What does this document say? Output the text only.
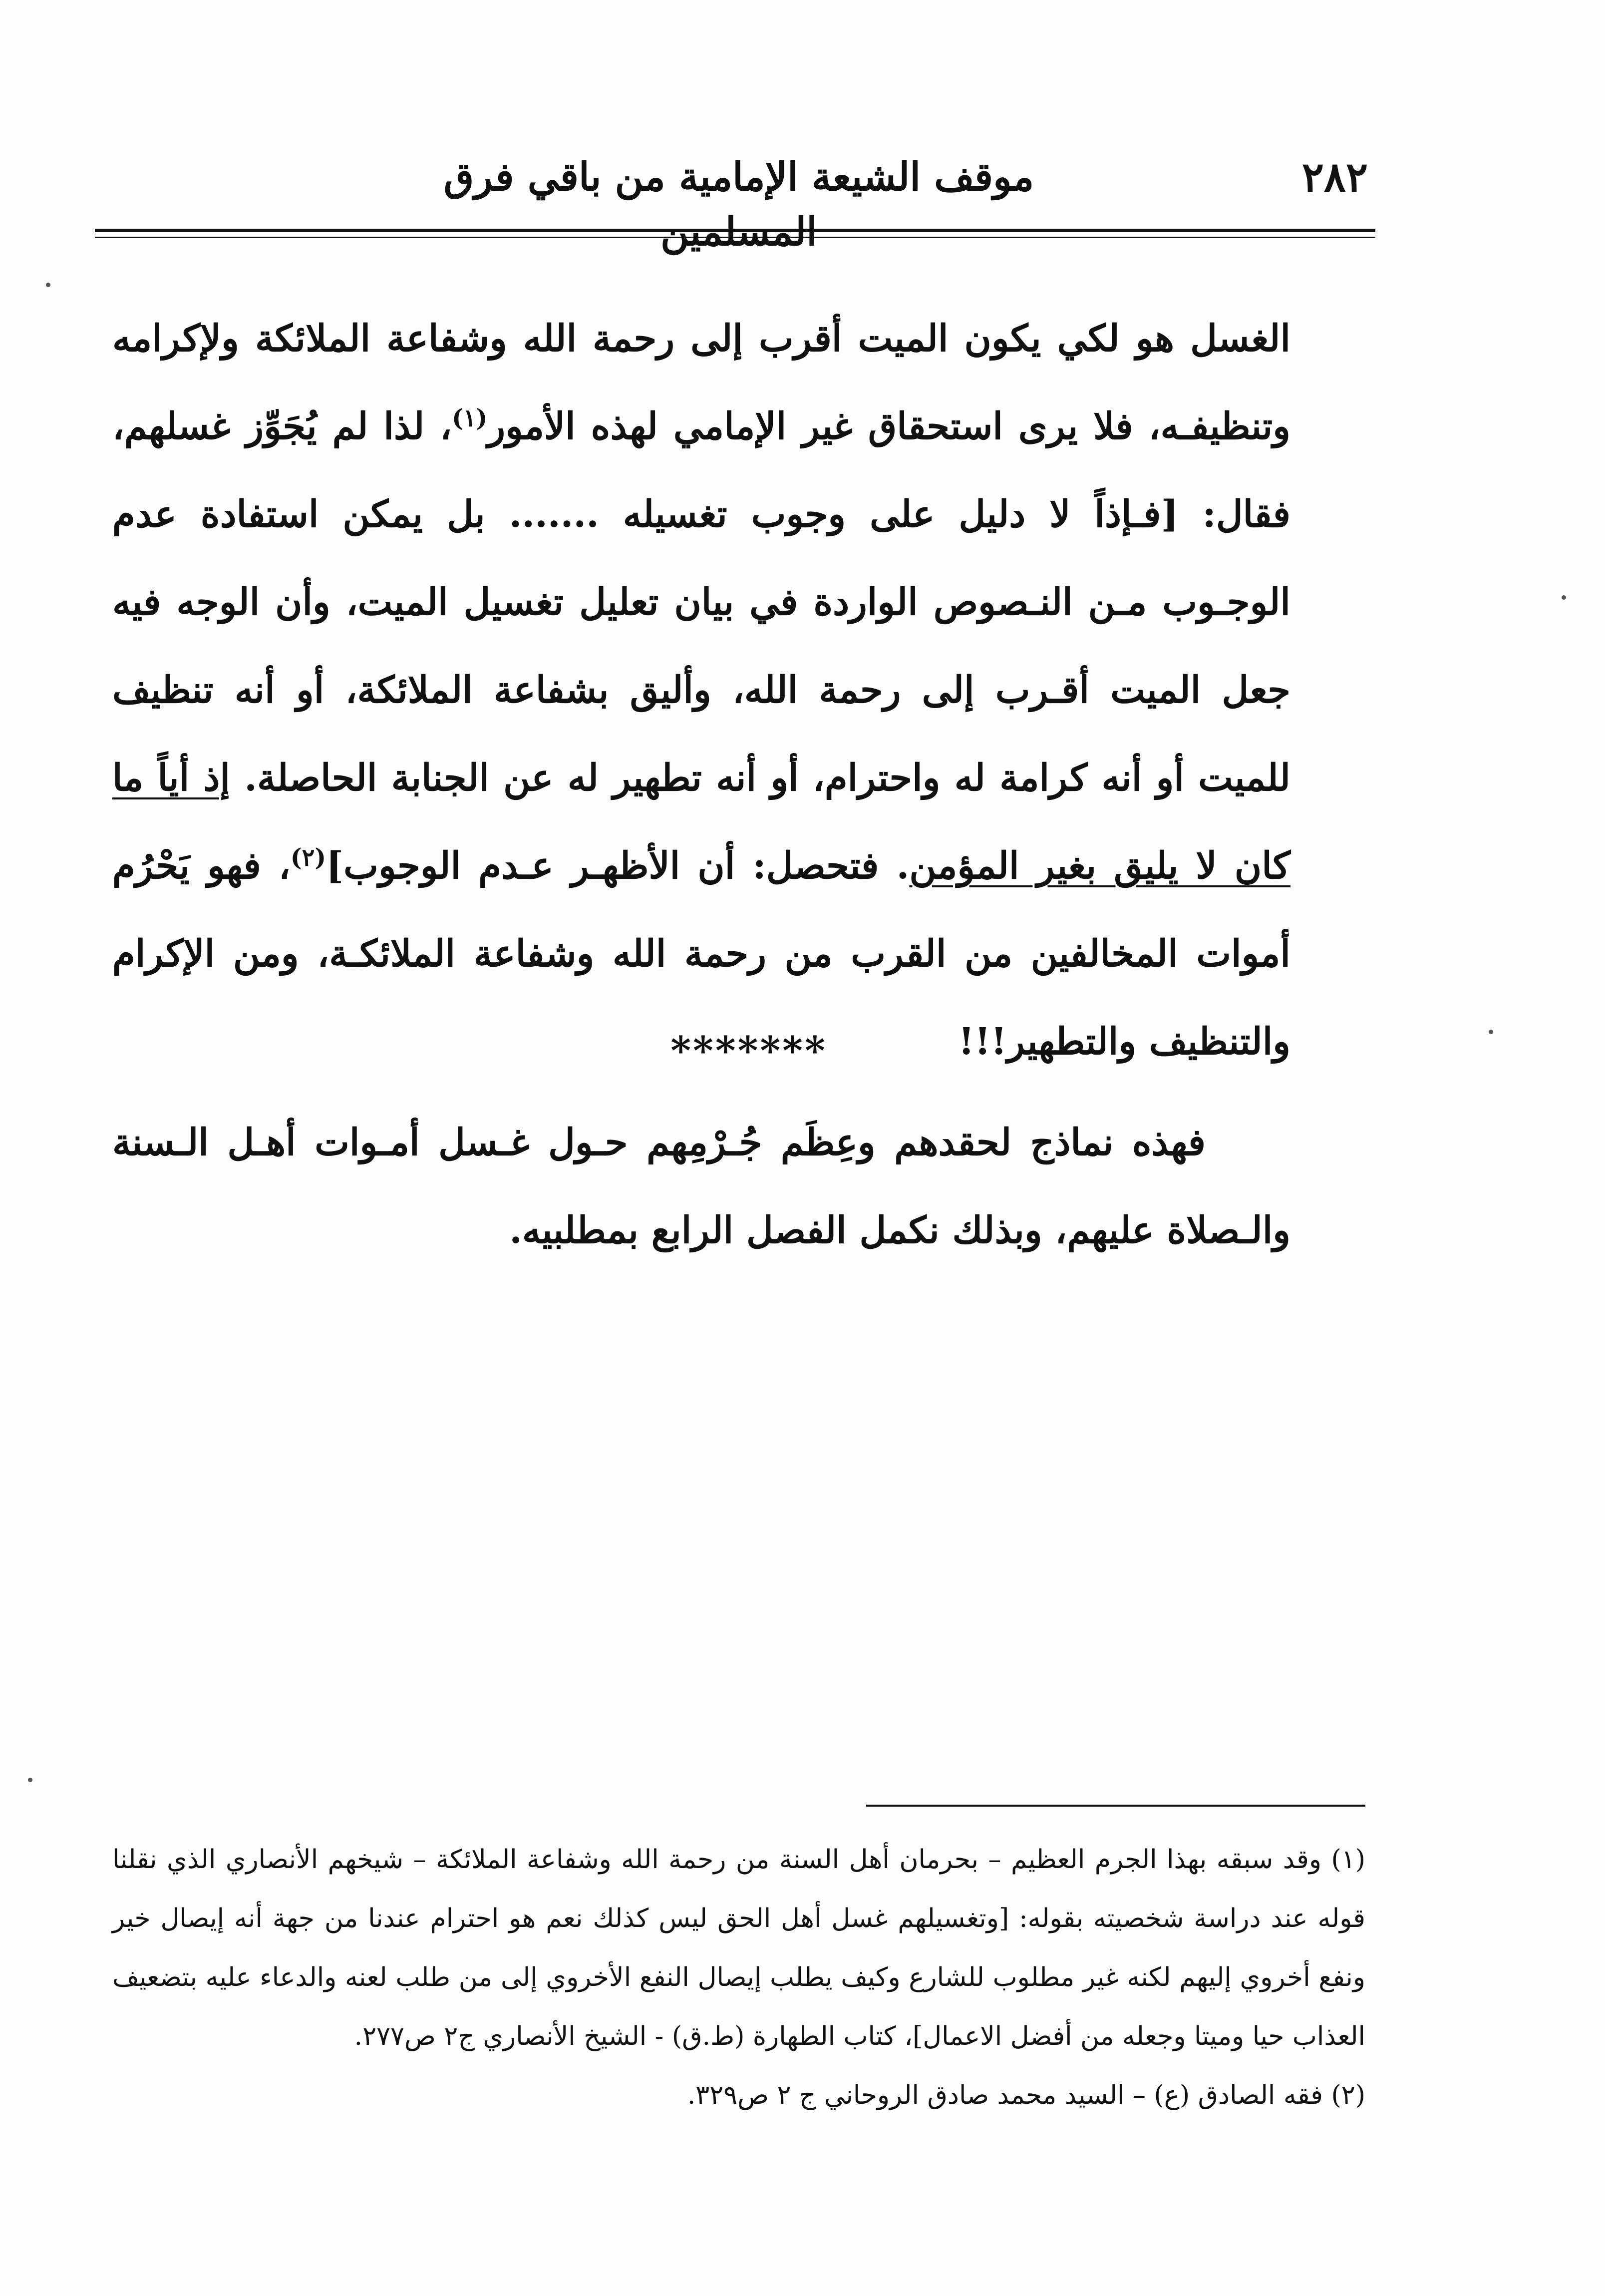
٢٨٢
موقف الشيعة الإمامية من باقي فرق

الغسل هو لكي يكون الميت أقرب إلى رحمة الله وشفاعة الملائكة ولإكرامه وتنظيفـه، فلا يرى استحقاق غير الإمامي لهذه الأمور$^{(١)}$، لذا لم يُجَوِّز غسلهم، فقال: [فـإذاً لا دليل على وجوب تغسيله ....... بل يمكن استفادة عدم الوجـوب مـن النـصوص الواردة في بيان تعليل تغسيل الميت، وأن الوجه فيه جعل الميت أقـرب إلى رحمة الله، وأليق بشفاعة الملائكة، أو أنه تنظيف للميت أو أنه كرامة له واحترام، أو أنه تطهير له عن الجنابة الحاصلة. إذ أياً ما كان لا يليق بغير المؤمن. فتحصل: أن الأظهـر عـدم الوجوب]$^{(٢)}$، فهو يَحْرُم أموات المخالفين من القرب من رحمة الله وشفاعة الملائكـة، ومن الإكرام والتنظيف والتطهير!!!

*******

فهذه نماذج لحقدهم وعِظَم جُـرْمِهم حـول غـسل أمـوات أهـل الـسنة والـصلاة عليهم، وبذلك نكمل الفصل الرابع بمطلبيه.

(١) وقد سبقه بهذا الجرم العظيم – بحرمان أهل السنة من رحمة الله وشفاعة الملائكة – شيخهم الأنصاري الذي نقلنا قوله عند دراسة شخصيته بقوله: [وتغسيلهم غسل أهل الحق ليس كذلك نعم هو احترام عندنا من جهة أنه إيصال خير ونفع أخروي إليهم لكنه غير مطلوب للشارع وكيف يطلب إيصال النفع الأخروي إلى من طلب لعنه والدعاء عليه بتضعيف العذاب حيا وميتا وجعله من أفضل الاعمال]، كتاب الطهارة (ط.ق) - الشيخ الأنصاري ج٢ ص٢٧٧.

(٢) فقه الصادق (ع) – السيد محمد صادق الروحاني ج ٢ ص٣٢٩.
